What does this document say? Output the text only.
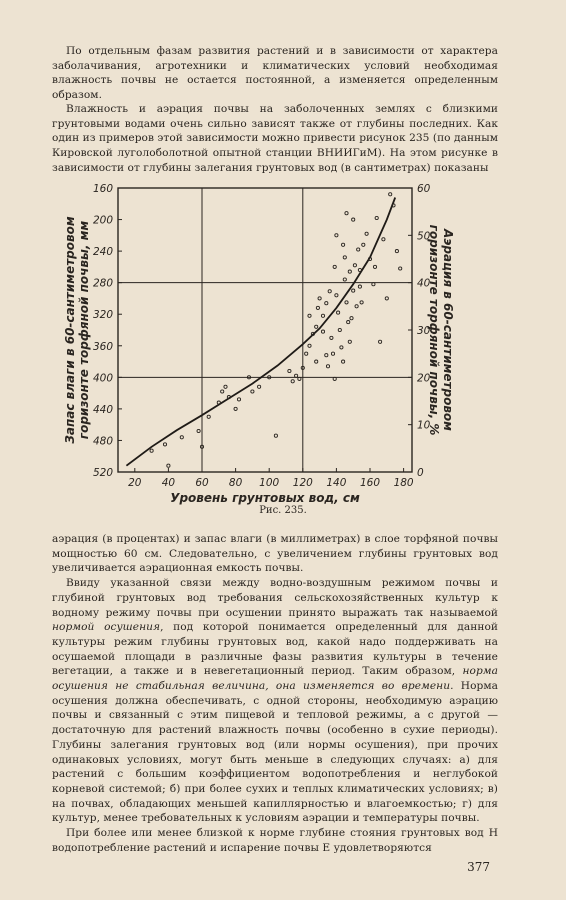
По отдельным фазам развития растений и в зависимости от характера заболачивания, агротехники и климатических условий необходимая влажность почвы не остается постоянной, а изменяется определенным образом.

Влажность и аэрация почвы на заболоченных землях с близкими грунтовыми водами очень сильно зависят также от глубины последних. Как один из примеров этой зависимости можно привести рисунок 235 (по данным Кировской луголоболотной опытной станции ВНИИГиМ). На этом рисунке в зависимости от глубины залегания грунтовых вод (в сантиметрах) показаны

20 40 60 80 100 120 140 160 180
160
200
240
280
320
360
400
440
480
520
60
50
40
30
20
10
0
Уровень грунтовых вод, см
Запас влаги в 60-сантиметровом горизонте торфяной почвы, мм	Аэрация в 60-сантиметровом
горизонте торфяной почвы, %
Рис. 235.

аэрация (в процентах) и запас влаги (в миллиметрах) в слое торфяной почвы мощностью 60 см. Следовательно, с увеличением глубины грунтовых вод увеличивается аэрационная емкость почвы.

Ввиду указанной связи между водно-воздушным режимом почвы и глубиной грунтовых вод требования сельскохозяйственных культур к водному режиму почвы при осушении принято выражать так называемой нормой осушения, под которой понимается определенный для данной культуры режим глубины грунтовых вод, какой надо поддерживать на осушаемой площади в различные фазы развития культуры в течение вегетации, а также и в невегетационный период. Таким образом, норма осушения не стабильная величина, она изменяется во времени. Норма осушения должна обеспечивать, с одной стороны, необходимую аэрацию почвы и связанный с этим пищевой и тепловой режимы, а с другой — достаточную для растений влажность почвы (особенно в сухие периоды). Глубины залегания грунтовых вод (или нормы осушения), при прочих одинаковых условиях, могут быть меньше в следующих случаях: а) для растений с большим коэффициентом водопотребления и неглубокой корневой системой; б) при более сухих и теплых климатических условиях; в) на почвах, обладающих меньшей капиллярностью и влагоемкостью; г) для культур, менее требовательных к условиям аэрации и температуры почвы.

При более или менее близкой к норме глубине стояния грунтовых вод H водопотребление растений и испарение почвы E удовлетворяются

377
